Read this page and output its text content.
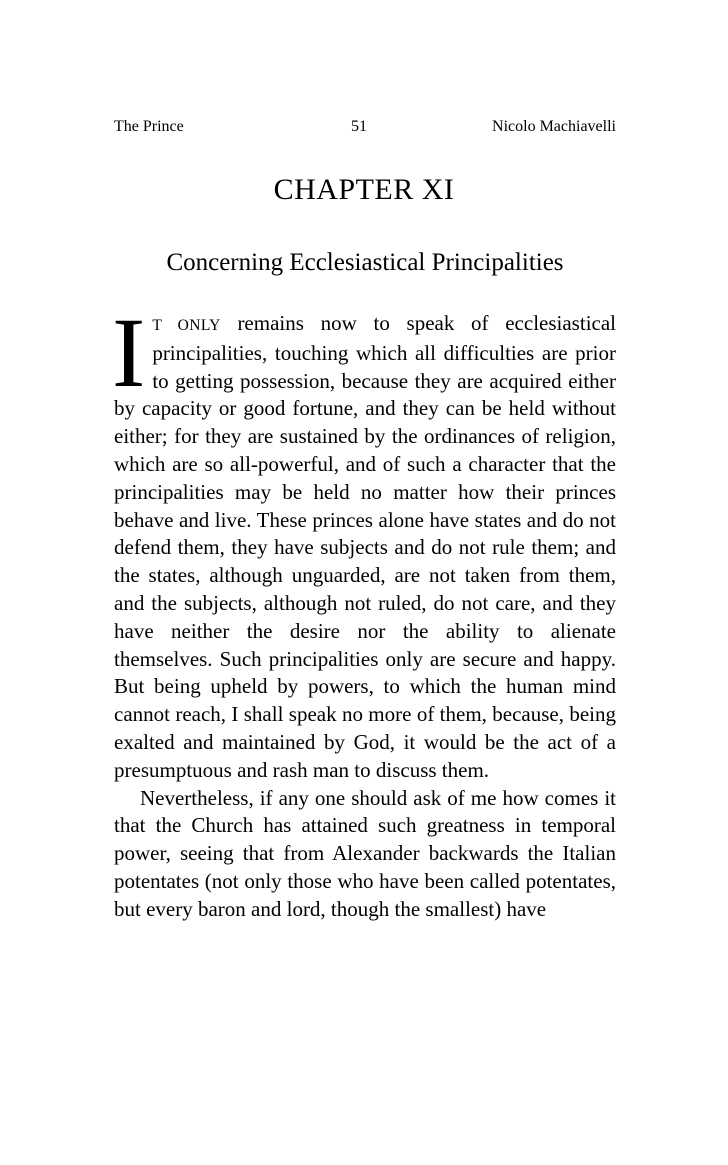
The Prince	51	Nicolo Machiavelli
CHAPTER XI
Concerning Ecclesiastical Principalities

I T ONLY remains now to speak of ecclesiastical principalities, touching which all difficulties are prior to getting possession, because they are acquired either by capacity or good fortune, and they can be held without either; for they are sustained by the ordinances of religion, which are so all-powerful, and of such a character that the principalities may be held no matter how their princes behave and live. These princes alone have states and do not defend them, they have subjects and do not rule them; and the states, although unguarded, are not taken from them, and the subjects, although not ruled, do not care, and they have neither the desire nor the ability to alienate themselves. Such principalities only are secure and happy. But being upheld by powers, to which the human mind cannot reach, I shall speak no more of them, because, being exalted and maintained by God, it would be the act of a presumptuous and rash man to discuss them.

Nevertheless, if any one should ask of me how comes it that the Church has attained such greatness in temporal power, seeing that from Alexander backwards the Italian potentates (not only those who have been called potentates, but every baron and lord, though the smallest) have
